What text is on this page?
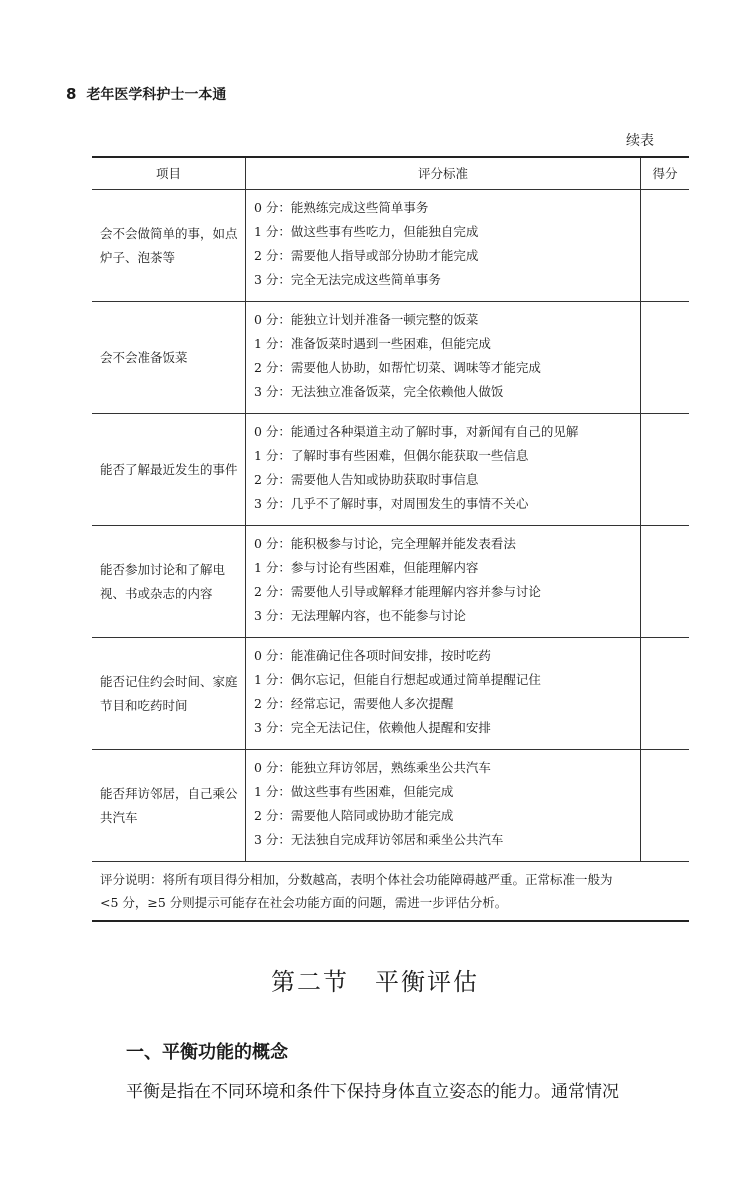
8 老年医学科护士一本通
续表
项目	评分标准	得分
会不会做简单的事，如点炉子、泡茶等	0 分：能熟练完成这些简单事务
1 分：做这些事有些吃力，但能独自完成
2 分：需要他人指导或部分协助才能完成
3 分：完全无法完成这些简单事务	

会不会准备饭菜	0 分：能独立计划并准备一顿完整的饭菜
1 分：准备饭菜时遇到一些困难，但能完成
2 分：需要他人协助，如帮忙切菜、调味等才能完成
3 分：无法独立准备饭菜，完全依赖他人做饭	

能否了解最近发生的事件	0 分：能通过各种渠道主动了解时事，对新闻有自己的见解
1 分：了解时事有些困难，但偶尔能获取一些信息
2 分：需要他人告知或协助获取时事信息
3 分：几乎不了解时事，对周围发生的事情不关心	

能否参加讨论和了解电视、书或杂志的内容	0 分：能积极参与讨论，完全理解并能发表看法
1 分：参与讨论有些困难，但能理解内容
2 分：需要他人引导或解释才能理解内容并参与讨论
3 分：无法理解内容，也不能参与讨论	

能否记住约会时间、家庭节目和吃药时间	0 分：能准确记住各项时间安排，按时吃药
1 分：偶尔忘记，但能自行想起或通过简单提醒记住
2 分：经常忘记，需要他人多次提醒
3 分：完全无法记住，依赖他人提醒和安排	

能否拜访邻居，自己乘公共汽车	0 分：能独立拜访邻居，熟练乘坐公共汽车
1 分：做这些事有些困难，但能完成
2 分：需要他人陪同或协助才能完成
3 分：无法独自完成拜访邻居和乘坐公共汽车	

评分说明：将所有项目得分相加，分数越高，表明个体社会功能障碍越严重。正常标准一般为
<5 分，≥5 分则提示可能存在社会功能方面的问题，需进一步评估分析。		
第二节　平衡评估
一、平衡功能的概念
平衡是指在不同环境和条件下保持身体直立姿态的能力。通常情况
